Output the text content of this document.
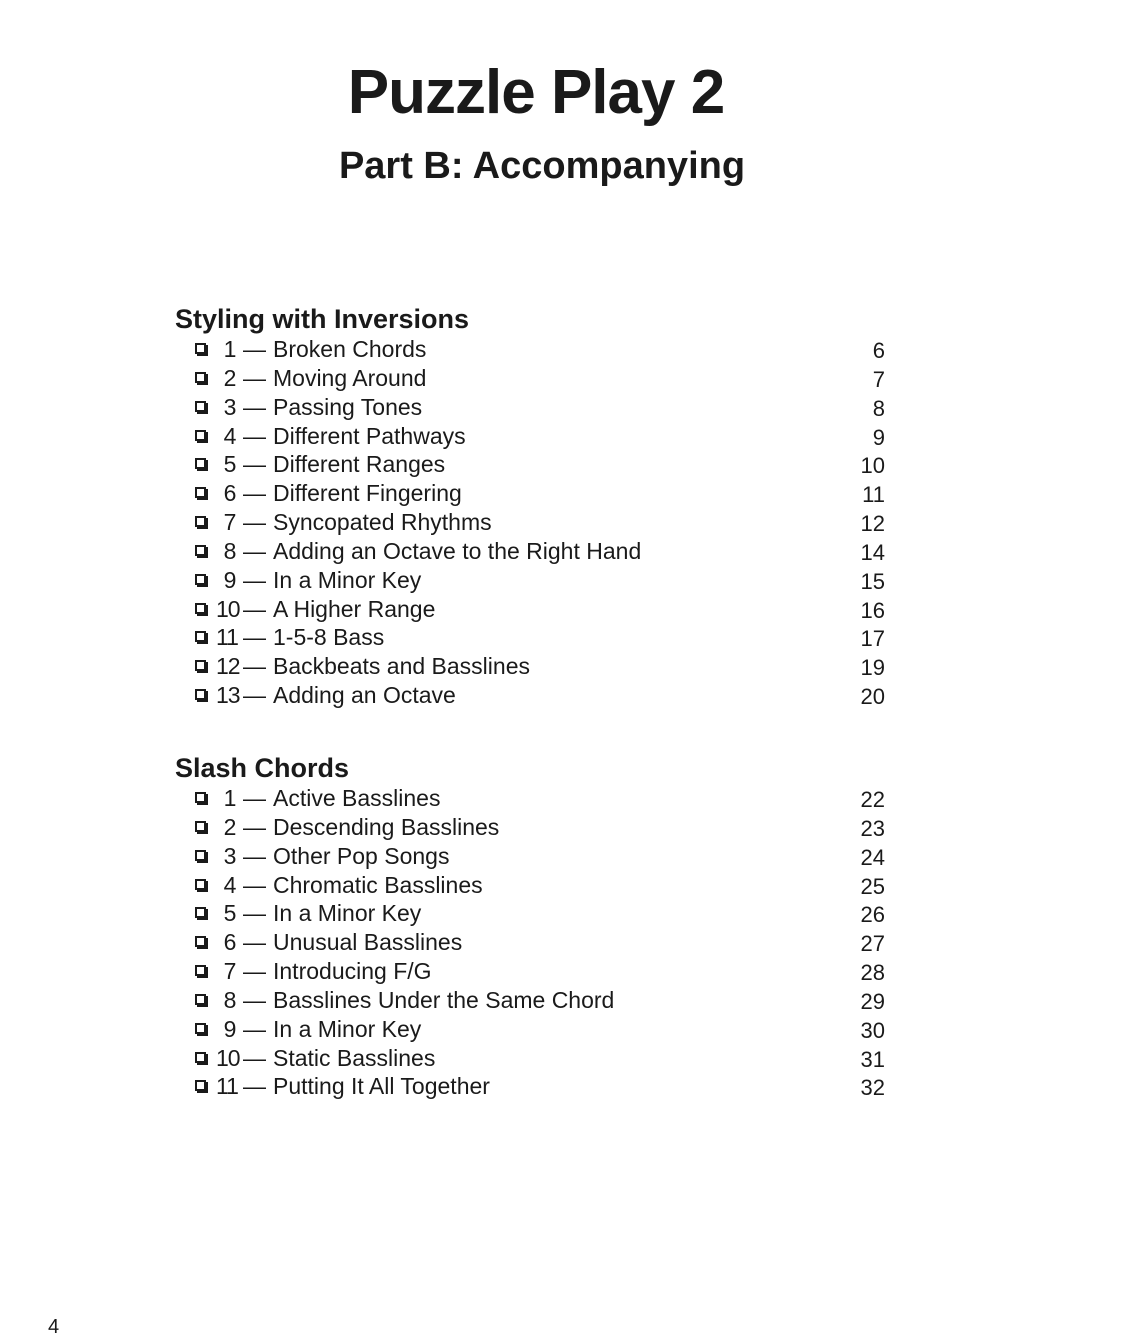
Puzzle Play 2
Part B: Accompanying
Styling with Inversions
1 — Broken Chords	6
2 — Moving Around	7
3 — Passing Tones	8
4 — Different Pathways	9
5 — Different Ranges	10
6 — Different Fingering	11
7 — Syncopated Rhythms	12
8 — Adding an Octave to the Right Hand	14
9 — In a Minor Key	15
10 — A Higher Range	16
11 — 1-5-8 Bass	17
12 — Backbeats and Basslines	19
13 — Adding an Octave	20
Slash Chords
1 — Active Basslines	22
2 — Descending Basslines	23
3 — Other Pop Songs	24
4 — Chromatic Basslines	25
5 — In a Minor Key	26
6 — Unusual Basslines	27
7 — Introducing F/G	28
8 — Basslines Under the Same Chord	29
9 — In a Minor Key	30
10 — Static Basslines	31
11 — Putting It All Together	32
4
